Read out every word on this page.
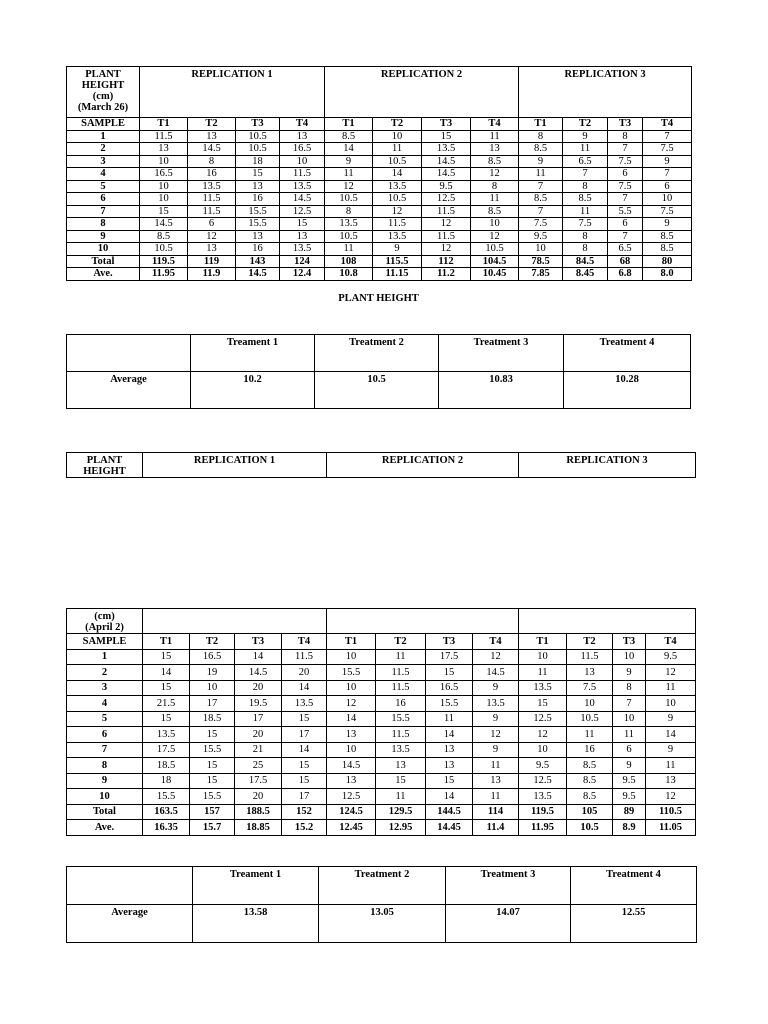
PLANT
HEIGHT
(cm)
(March 26)	REPLICATION 1				REPLICATION 2				REPLICATION 3			
SAMPLE	T1	T2	T3	T4	T1	T2	T3	T4	T1	T2	T3	T4
1	11.5	13	10.5	13	8.5	10	15	11	8	9	8	7
2	13	14.5	10.5	16.5	14	11	13.5	13	8.5	11	7	7.5
3	10	8	18	10	9	10.5	14.5	8.5	9	6.5	7.5	9
4	16.5	16	15	11.5	11	14	14.5	12	11	7	6	7
5	10	13.5	13	13.5	12	13.5	9.5	8	7	8	7.5	6
6	10	11.5	16	14.5	10.5	10.5	12.5	11	8.5	8.5	7	10
7	15	11.5	15.5	12.5	8	12	11.5	8.5	7	11	5.5	7.5
8	14.5	6	15.5	15	13.5	11.5	12	10	7.5	7.5	6	9
9	8.5	12	13	13	10.5	13.5	11.5	12	9.5	8	7	8.5
10	10.5	13	16	13.5	11	9	12	10.5	10	8	6.5	8.5
Total	119.5	119	143	124	108	115.5	112	104.5	78.5	84.5	68	80
Ave.	11.95	11.9	14.5	12.4	10.8	11.15	11.2	10.45	7.85	8.45	6.8	8.0
PLANT HEIGHT
	Treament 1	Treatment 2	Treatment 3	Treatment 4
Average	10.2	10.5	10.83	10.28
PLANT
HEIGHT
	REPLICATION 1	REPLICATION 2	REPLICATION 3
(cm)
(April 2)												

SAMPLE	T1	T2	T3	T4	T1	T2	T3	T4	T1	T2	T3	T4
1	15	16.5	14	11.5	10	11	17.5	12	10	11.5	10	9.5
2	14	19	14.5	20	15.5	11.5	15	14.5	11	13	9	12
3	15	10	20	14	10	11.5	16.5	9	13.5	7.5	8	11
4	21.5	17	19.5	13.5	12	16	15.5	13.5	15	10	7	10
5	15	18.5	17	15	14	15.5	11	9	12.5	10.5	10	9
6	13.5	15	20	17	13	11.5	14	12	12	11	11	14
7	17.5	15.5	21	14	10	13.5	13	9	10	16	6	9
8	18.5	15	25	15	14.5	13	13	11	9.5	8.5	9	11
9	18	15	17.5	15	13	15	15	13	12.5	8.5	9.5	13
10	15.5	15.5	20	17	12.5	11	14	11	13.5	8.5	9.5	12
Total	163.5	157	188.5	152	124.5	129.5	144.5	114	119.5	105	89	110.5
Ave.	16.35	15.7	18.85	15.2	12.45	12.95	14.45	11.4	11.95	10.5	8.9	11.05
	Treament 1	Treatment 2	Treatment 3	Treatment 4
Average	13.58	13.05	14.07	12.55
